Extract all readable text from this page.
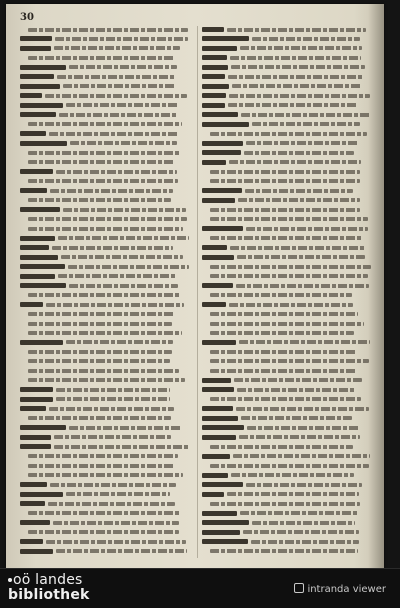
30
oö landes
bibliothek	intranda viewer
